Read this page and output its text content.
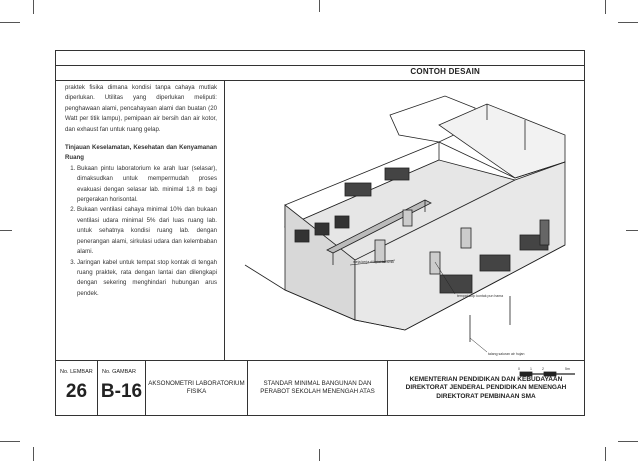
CONTOH DESAIN

praktek fisika dimana kondisi tanpa cahaya mutlak diperlukan. Utilitas yang diperlukan meliputi: penghawaan alami, pencahayaan alami dan buatan (20 Watt per titik lampu), pemipaan air bersih dan air kotor, dan exhaust fan untuk ruang gelap.

Tinjauan Keselamatan, Kesehatan dan Kenyamanan Ruang

1. Bukaan pintu laboratorium ke arah luar (selasar), dimaksudkan untuk mempermudah proses evakuasi dengan selasar lab. minimal 1,8 m bagi pergerakan horisontal.
2. Bukaan ventilasi cahaya minimal 10% dan bukaan ventilasi udara minimal 5% dari luas ruang lab. untuk sehatnya kondisi ruang lab. dengan penerangan alami, sirkulasi udara dan kelembaban alami.
3. Jaringan kabel untuk tempat stop kontak di tengah ruang praktek, rata dengan lantai dan dilengkapi dengan sekering menghindari hubungan arus pendek.
meja kerja dilapisi keramik
tempat stop kontak pun hama
talang saluran air hujan
0	1	2	5m
No. LEMBAR
26
No. GAMBAR
B-16	AKSONOMETRI LABORATORIUM FISIKA
STANDAR MINIMAL BANGUNAN DAN PERABOT SEKOLAH MENENGAH ATAS
KEMENTERIAN PENDIDIKAN DAN KEBUDAYAAN DIREKTORAT JENDERAL PENDIDIKAN MENENGAH DIREKTORAT PEMBINAAN SMA
